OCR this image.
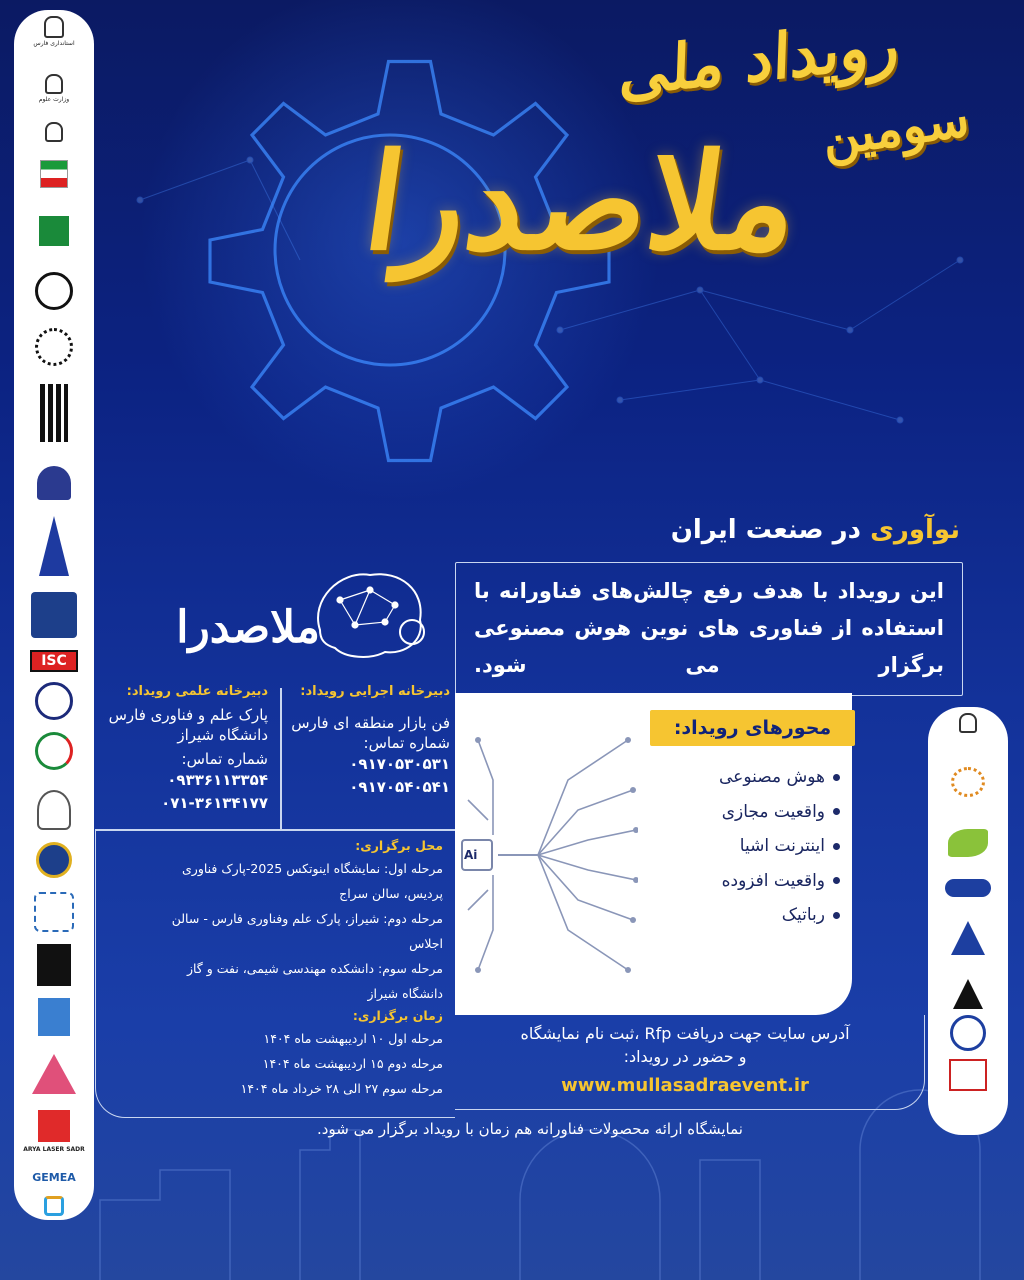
استانداری فارس
وزارت علوم
ISC
ARYA LASER SADR
GEMEA
سومین
رویداد ملی
ملاصدرا
نوآوری در صنعت ایران
این رویداد با هدف رفع چالش‌های فناورانه با استفاده از فناوری های نوین هوش مصنوعی برگزار می شود.
ملاصدرا
دبیرخانه اجرایی رویداد:
فن بازار منطقه ای فارس
شماره تماس:
۰۹۱۷۰۵۳۰۵۳۱
۰۹۱۷۰۵۴۰۵۴۱
دبیرخانه علمی رویداد:
پارک علم و فناوری فارس
دانشگاه شیراز
شماره تماس:
۰۹۳۳۶۱۱۳۳۵۴
۰۷۱-۳۶۱۳۴۱۷۷
Ai
محورهای رویداد:
هوش مصنوعی
واقعیت مجازی
اینترنت اشیا
واقعیت افزوده
رباتیک
محل برگزاری:
مرحله اول: نمایشگاه اینوتکس 2025-پارک فناوری
پردیس، سالن سراج
مرحله دوم: شیراز، پارک علم وفناوری فارس - سالن
اجلاس
مرحله سوم: دانشکده مهندسی شیمی، نفت و گاز
دانشگاه شیراز
زمان برگزاری:
مرحله اول ۱۰ اردیبهشت ماه ۱۴۰۴
مرحله دوم ۱۵ اردیبهشت ماه ۱۴۰۴
مرحله سوم ۲۷ الی ۲۸ خرداد ماه ۱۴۰۴
آدرس سایت جهت دریافت Rfp ،ثبت نام نمایشگاه
و حضور در رویداد:
www.mullasadraevent.ir
نمایشگاه ارائه محصولات فناورانه هم زمان با رویداد برگزار می شود.
